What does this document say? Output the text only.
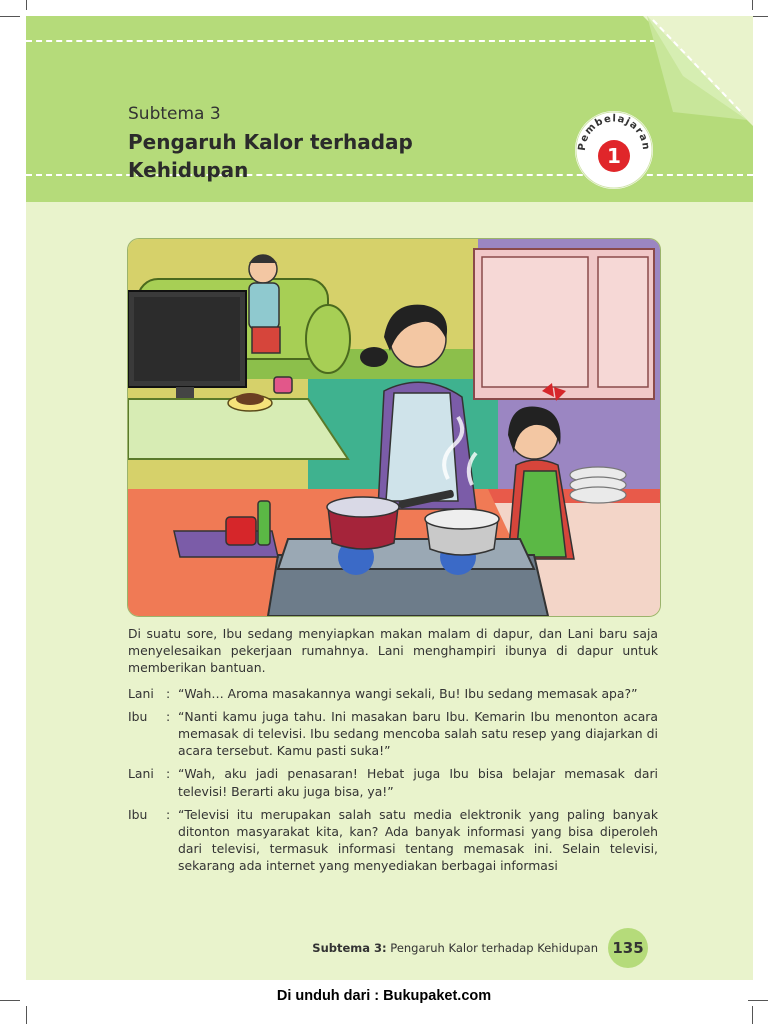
Subtema 3
Pengaruh Kalor terhadap Kehidupan
Pembelajaran
1

Di suatu sore, Ibu sedang menyiapkan makan malam di dapur, dan Lani baru saja menyelesaikan pekerjaan rumahnya. Lani menghampiri ibunya di dapur untuk memberikan bantuan.

Lani : “Wah… Aroma masakannya wangi sekali, Bu! Ibu sedang memasak apa?”
Ibu	: “Nanti kamu juga tahu. Ini masakan baru Ibu. Kemarin Ibu menonton acara memasak di televisi. Ibu sedang mencoba salah satu resep yang diajarkan di acara tersebut. Kamu pasti suka!”
Lani : “Wah, aku jadi penasaran! Hebat juga Ibu bisa belajar memasak dari televisi! Berarti aku juga bisa, ya!”
Ibu	: “Televisi itu merupakan salah satu media elektronik yang paling banyak ditonton masyarakat kita, kan? Ada banyak informasi yang bisa diperoleh dari televisi, termasuk informasi tentang memasak ini. Selain televisi, sekarang ada internet yang menyediakan berbagai informasi
Subtema 3: Pengaruh Kalor terhadap Kehidupan 135
Di unduh dari : Bukupaket.com
